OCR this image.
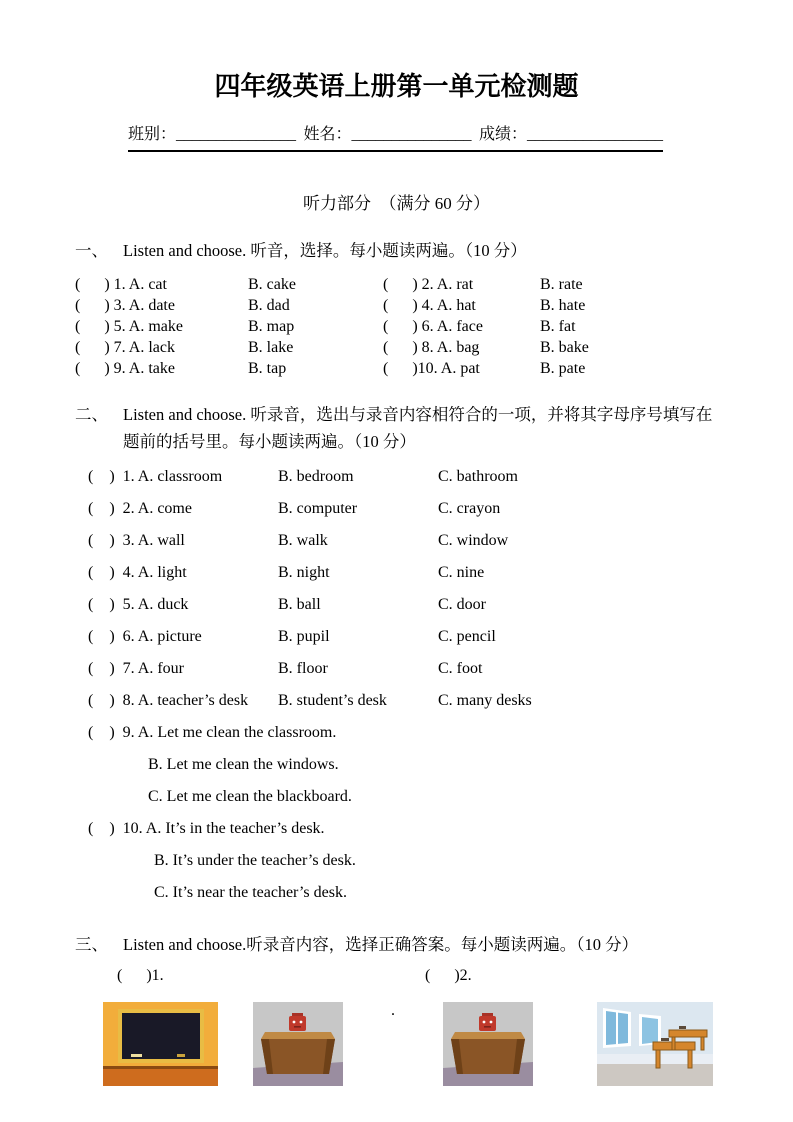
四年级英语上册第一单元检测题
班别：_______________ 姓名：_______________ 成绩：_________________
听力部分　（满分 60 分）
一、 Listen and choose. 听音，选择。每小题读两遍。（10 分）
(      ) 1. A. cat	B. cake	(      ) 2. A. rat	B. rate
(      ) 3. A. date	B. dad	(      ) 4. A. hat	B. hate
(      ) 5. A. make	B. map	(      ) 6. A. face	B. fat
(      ) 7. A. lack	B. lake	(      ) 8. A. bag	B. bake
(      ) 9. A. take	B. tap	(      )10. A. pat	B. pate
二、 Listen and choose. 听录音，选出与录音内容相符合的一项，并将其字母序号填写在题前的括号里。每小题读两遍。（10 分）
(    )  1. A. classroom	B. bedroom	C. bathroom
(    )  2. A. come	B. computer	C. crayon
(    )  3. A. wall	B. walk	C. window
(    )  4. A. light	B. night	C. nine
(    )  5. A. duck	B. ball	C. door
(    )  6. A. picture	B. pupil	C. pencil
(    )  7. A. four	B. floor	C. foot
(    )  8. A. teacher’s desk	B. student’s desk	C. many desks
(    )  9. A. Let me clean the classroom.
B. Let me clean the windows.
C. Let me clean the blackboard.
(    )  10. A. It’s in the teacher’s desk.
B. It’s under the teacher’s desk.
C. It’s near the teacher’s desk.
三、 Listen and choose.听录音内容，选择正确答案。每小题读两遍。（10 分）
(      )1.	(      )2.
.
